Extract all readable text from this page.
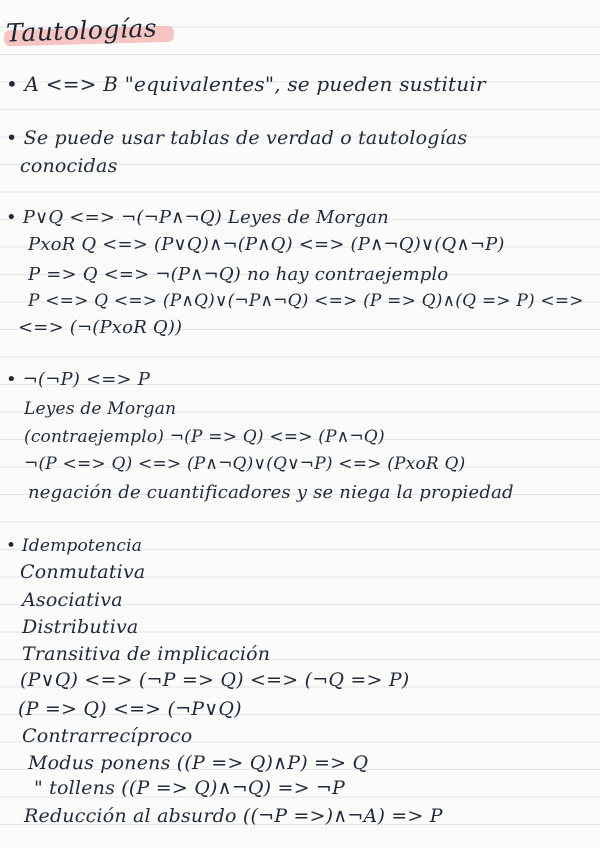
Tautologías
• A <=> B "equivalentes", se pueden sustituir
• Se puede usar tablas de verdad o tautologías
conocidas
• P∨Q <=> ¬(¬P∧¬Q) Leyes de Morgan
PxoR Q <=> (P∨Q)∧¬(P∧Q) <=> (P∧¬Q)∨(Q∧¬P)
P => Q <=> ¬(P∧¬Q) no hay contraejemplo
P <=> Q <=> (P∧Q)∨(¬P∧¬Q) <=> (P => Q)∧(Q => P) <=>
<=> (¬(PxoR Q))
• ¬(¬P) <=> P
Leyes de Morgan
(contraejemplo) ¬(P => Q) <=> (P∧¬Q)
¬(P <=> Q) <=> (P∧¬Q)∨(Q∨¬P) <=> (PxoR Q)
negación de cuantificadores y se niega la propiedad
• Idempotencia
Conmutativa
Asociativa
Distributiva
Transitiva de implicación
(P∨Q) <=> (¬P => Q) <=> (¬Q => P)
(P => Q) <=> (¬P∨Q)
Contrarrecíproco
Modus ponens ((P => Q)∧P) => Q
" tollens ((P => Q)∧¬Q) => ¬P
Reducción al absurdo ((¬P =>)∧¬A) => P
